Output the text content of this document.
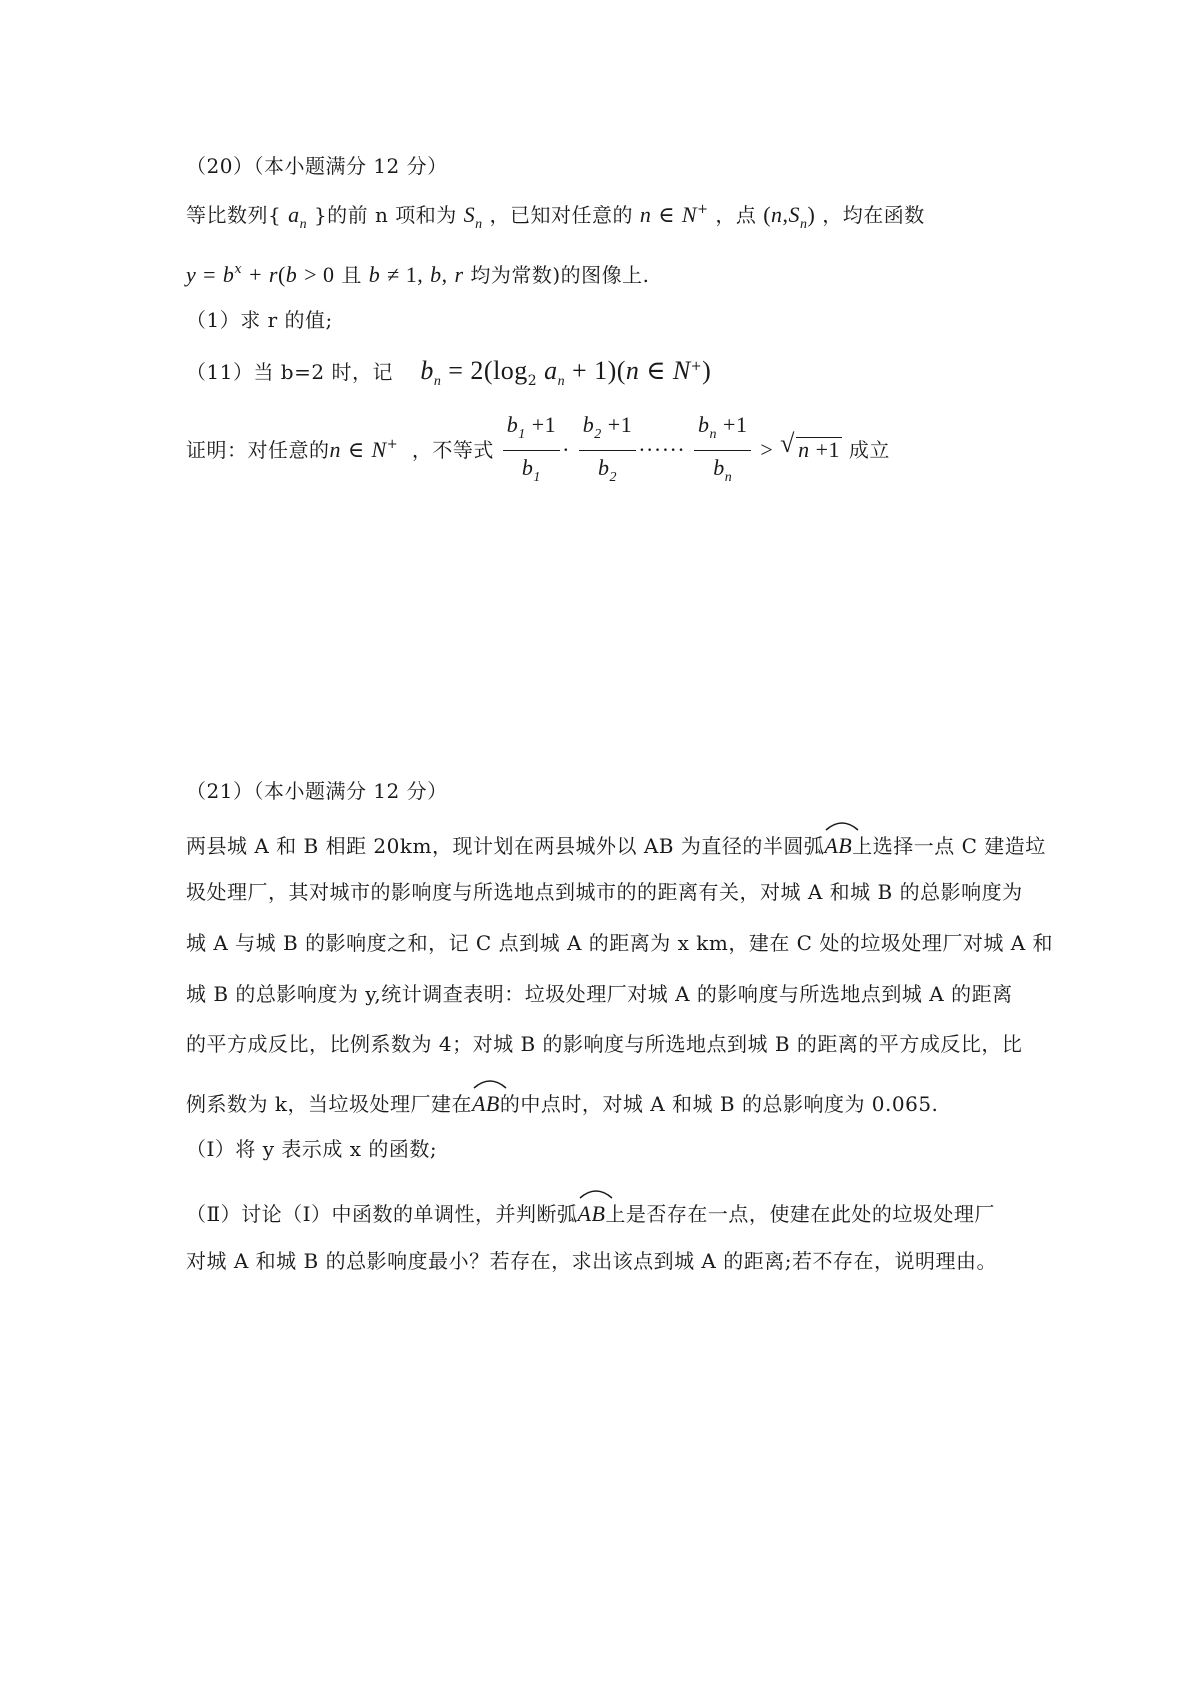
（20）（本小题满分 12 分）
等比数列{ $a_n$ }的前 n 项和为 $S_n$ ，已知对任意的 n ∈ N+ ，点 $(n,S_n)$ ，均在函数
$y = b^x + r(b > 0$ 且 b ≠ 1, b, r 均为常数)的图像上.
（1）求 r 的值;
（11）当 b=2 时，记 $b_n = 2(\log_2$ $a_n + 1)(n$ ∈ N+)
证明：对任意的n ∈ N+ ，不等式 $\frac{b_1 +1}{b_1} \cdot \frac{b_2 +1}{b_2}$ ······ $\frac{b_n +1}{b_n}$ > √ n +1 成立
（21）（本小题满分 12 分）
两县城 A 和 B 相距 20km，现计划在两县城外以 AB 为直径的半圆弧
AB上选择一点 C 建造垃
圾处理厂，其对城市的影响度与所选地点到城市的的距离有关，对城 A 和城 B 的总影响度为
城 A 与城 B 的影响度之和，记 C 点到城 A 的距离为 x km，建在 C 处的垃圾处理厂对城 A 和
城 B 的总影响度为 y,统计调查表明：垃圾处理厂对城 A 的影响度与所选地点到城 A 的距离
的平方成反比，比例系数为 4；对城 B 的影响度与所选地点到城 B 的距离的平方成反比，比
例系数为 k，当垃圾处理厂建在
AB的中点时，对城 A 和城 B 的总影响度为 0.065.
（I）将 y 表示成 x 的函数;
（Ⅱ）讨论（I）中函数的单调性，并判断弧
AB上是否存在一点，使建在此处的垃圾处理厂
对城 A 和城 B 的总影响度最小？若存在，求出该点到城 A 的距离;若不存在，说明理由。
